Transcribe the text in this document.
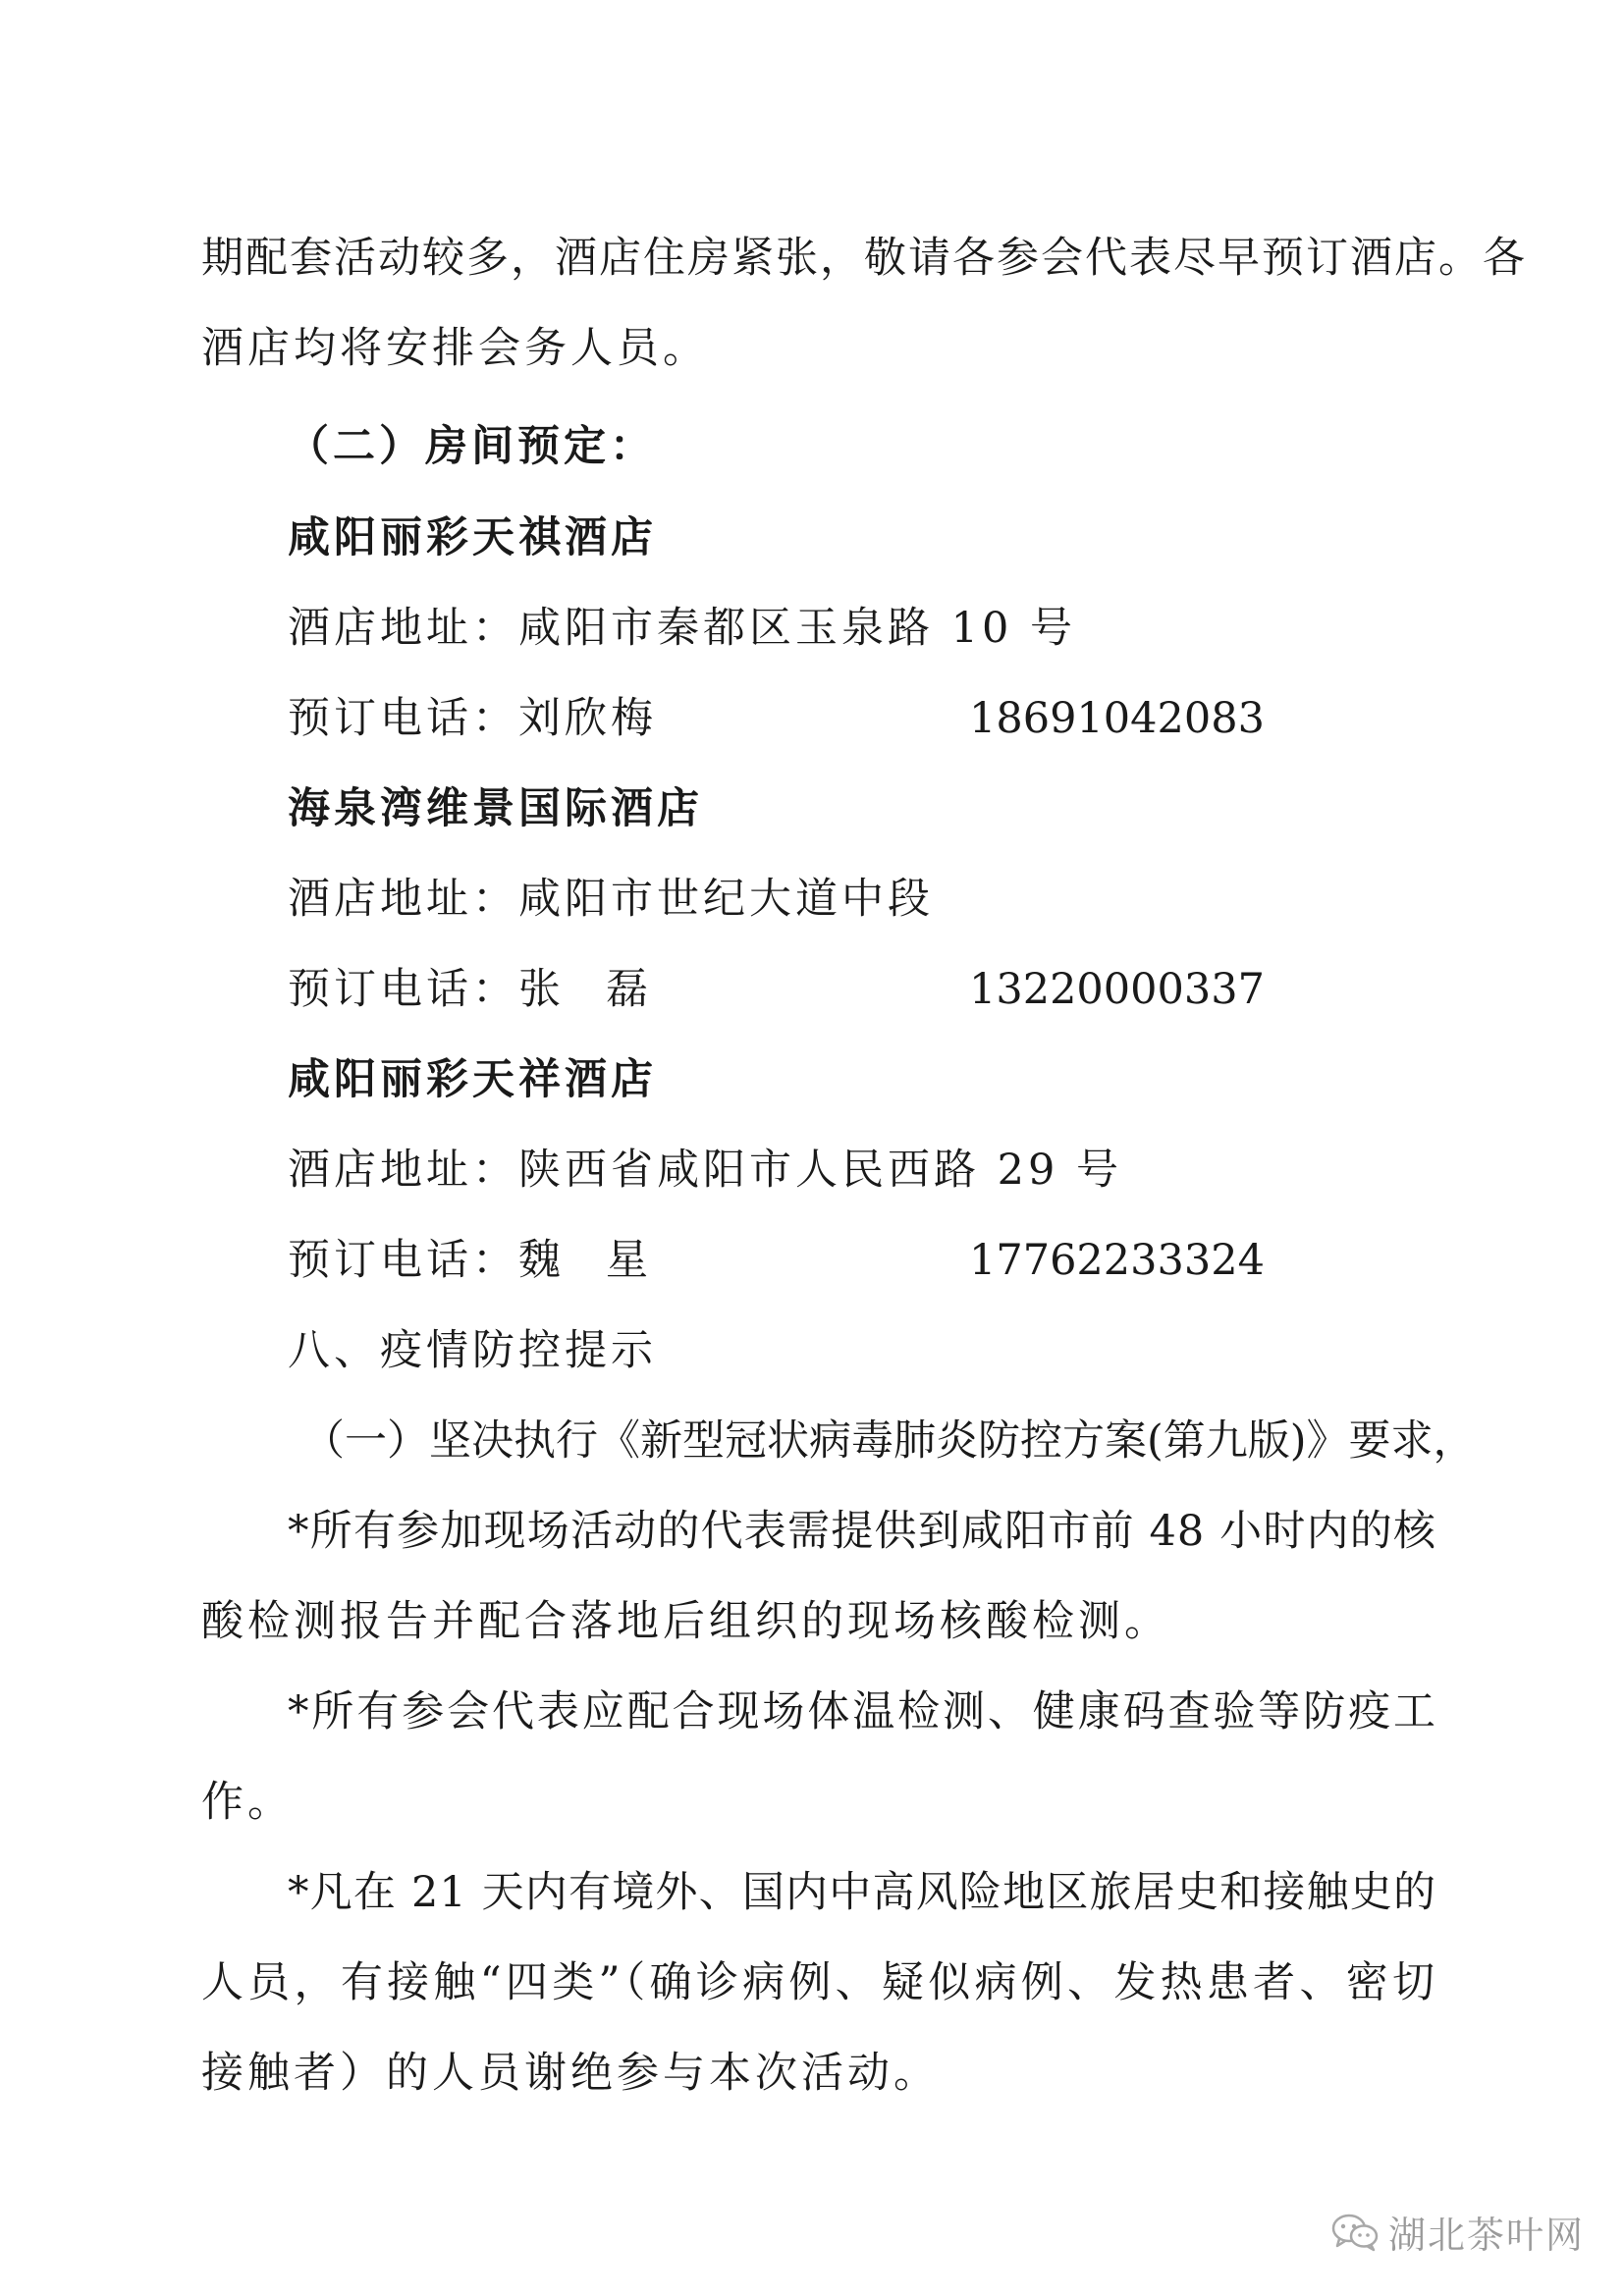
期配套活动较多，酒店住房紧张，敬请各参会代表尽早预订酒店。各
酒店均将安排会务人员。
（二）房间预定：
咸阳丽彩天祺酒店
酒店地址：咸阳市秦都区玉泉路 10 号
预订电话：刘欣梅	18691042083
海泉湾维景国际酒店
酒店地址：咸阳市世纪大道中段
预订电话：张 磊	13220000337
咸阳丽彩天祥酒店
酒店地址：陕西省咸阳市人民西路 29 号
预订电话：魏 星	17762233324
八、疫情防控提示
（一）坚决执行《新型冠状病毒肺炎防控方案(第九版)》要求，
*所有参加现场活动的代表需提供到咸阳市前 48 小时内的核
酸检测报告并配合落地后组织的现场核酸检测。
*所有参会代表应配合现场体温检测、健康码查验等防疫工
作。
*凡在 21 天内有境外、国内中高风险地区旅居史和接触史的
人员，有接触“四类”（确诊病例、疑似病例、发热患者、密切
接触者）的人员谢绝参与本次活动。
湖北茶叶网
